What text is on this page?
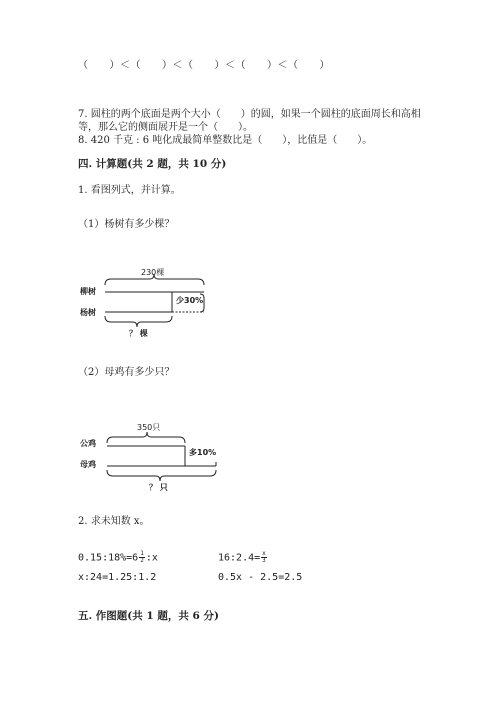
（　　）＜（　　）＜（　　）＜（　　）＜（　　）
7. 圆柱的两个底面是两个大小（　　）的圆，如果一个圆柱的底面周长和高相
等，那么它的侧面展开是一个（　　）。
8. 420 千克 : 6 吨化成最简单整数比是（　　），比值是（　　）。
四. 计算题(共 2 题，共 10 分)
1. 看图列式，并计算。
（1）杨树有多少棵？
230棵
柳树
杨树
少30%
？ 棵
（2）母鸡有多少只？
350只
公鸡
母鸡
多10%
？ 只
2. 求未知数 x。
0.15:18%=6 $\frac{1}{2}$ :x	16:2.4= $\frac{x}{3}$
x:24=1.25:1.2	0.5x - 2.5=2.5
五. 作图题(共 1 题，共 6 分)
